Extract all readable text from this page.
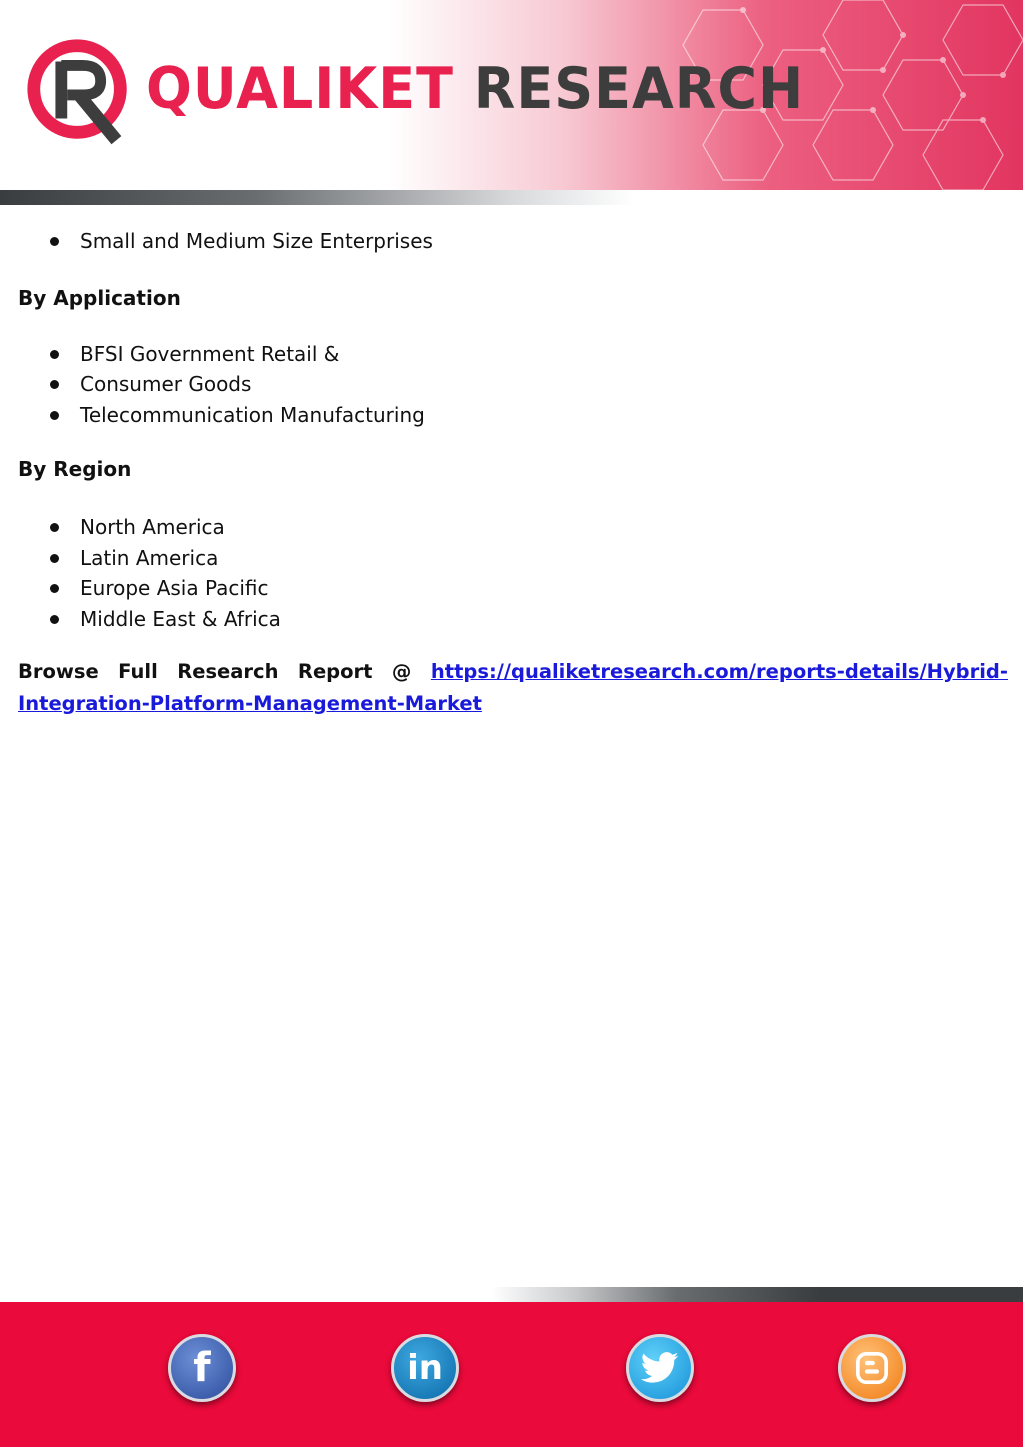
QUALIKET RESEARCH
Small and Medium Size Enterprises

By Application

BFSI Government Retail &
Consumer Goods
Telecommunication Manufacturing

By Region

North America
Latin America
Europe Asia Pacific
Middle East & Africa

Browse Full Research Report @ https://qualiketresearch.com/reports-details/Hybrid-Integration-Platform-Management-Market

f	in
